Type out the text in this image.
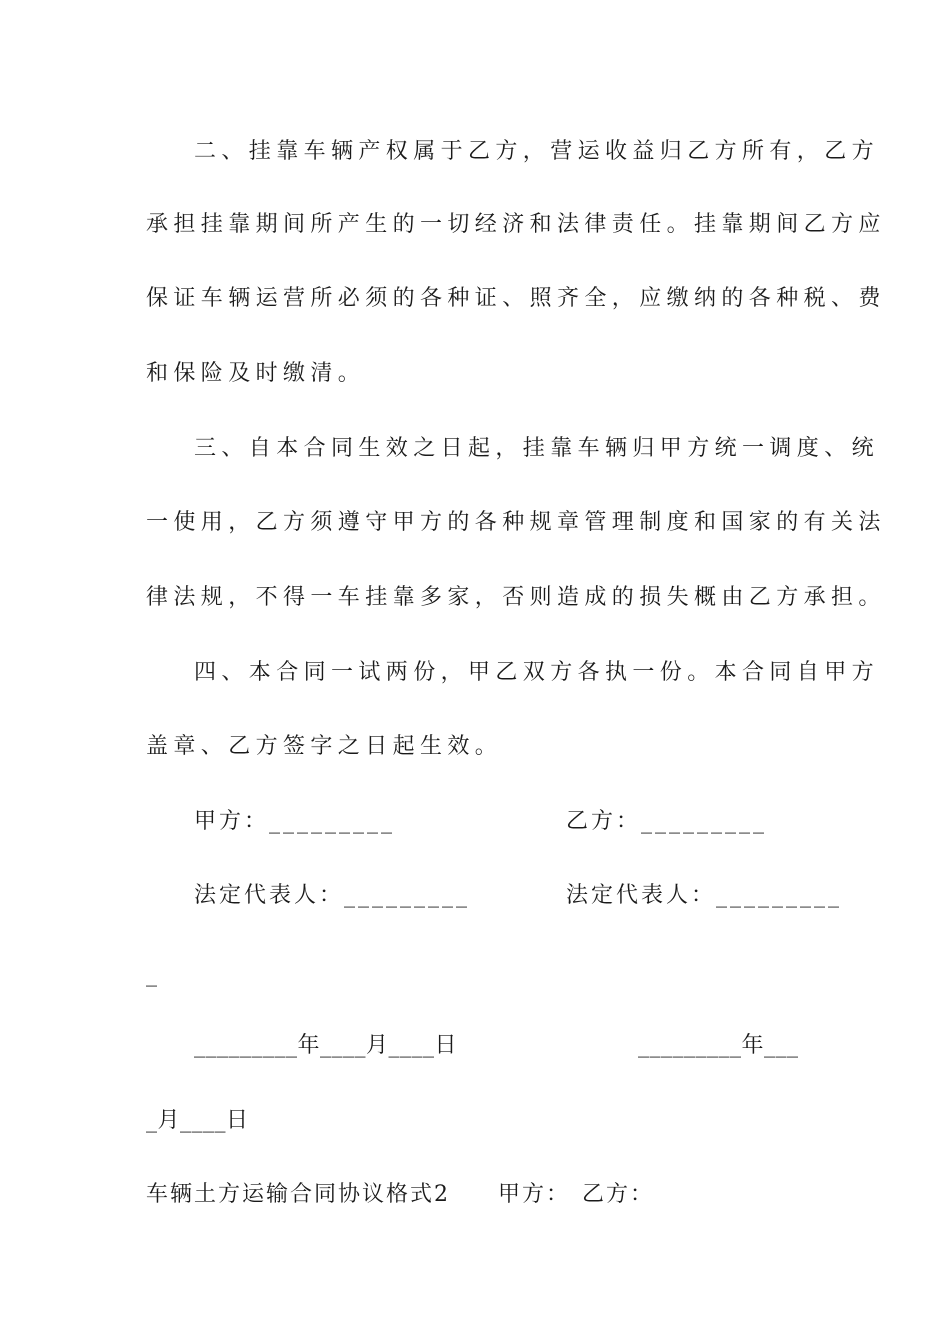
二、挂靠车辆产权属于乙方，营运收益归乙方所有，乙方
承担挂靠期间所产生的一切经济和法律责任。挂靠期间乙方应
保证车辆运营所必须的各种证、照齐全，应缴纳的各种税、费
和保险及时缴清。
三、自本合同生效之日起，挂靠车辆归甲方统一调度、统
一使用，乙方须遵守甲方的各种规章管理制度和国家的有关法
律法规，不得一车挂靠多家，否则造成的损失概由乙方承担。
四、本合同一试两份，甲乙双方各执一份。本合同自甲方
盖章、乙方签字之日起生效。
甲方：_________	乙方：_________
法定代表人：_________	法定代表人：_________
_
_________年____月____日	_________年___
_月____日
车辆土方运输合同协议格式2 甲方： 乙方：
